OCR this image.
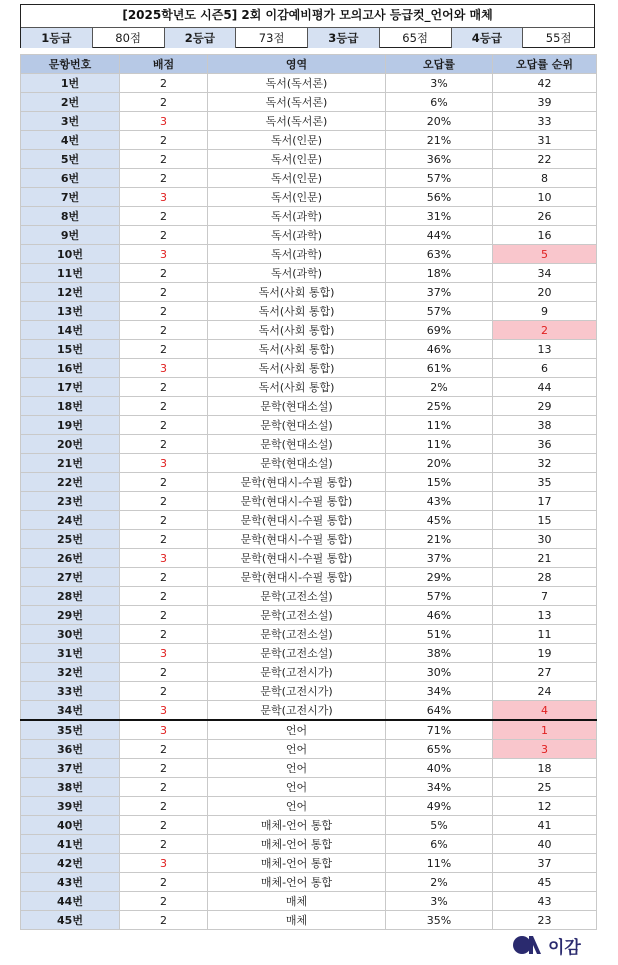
[2025학년도 시즌5] 2회 이감예비평가 모의고사 등급컷_언어와 매체
1등급	80점	2등급	73점	3등급	65점	4등급	55점
문항번호	배점	영역	오답률	오답률 순위
1번	2	독서(독서론)	3%	42
2번	2	독서(독서론)	6%	39
3번	3	독서(독서론)	20%	33
4번	2	독서(인문)	21%	31
5번	2	독서(인문)	36%	22
6번	2	독서(인문)	57%	8
7번	3	독서(인문)	56%	10
8번	2	독서(과학)	31%	26
9번	2	독서(과학)	44%	16
10번	3	독서(과학)	63%	5
11번	2	독서(과학)	18%	34
12번	2	독서(사회 통합)	37%	20
13번	2	독서(사회 통합)	57%	9
14번	2	독서(사회 통합)	69%	2
15번	2	독서(사회 통합)	46%	13
16번	3	독서(사회 통합)	61%	6
17번	2	독서(사회 통합)	2%	44
18번	2	문학(현대소설)	25%	29
19번	2	문학(현대소설)	11%	38
20번	2	문학(현대소설)	11%	36
21번	3	문학(현대소설)	20%	32
22번	2	문학(현대시-수필 통합)	15%	35
23번	2	문학(현대시-수필 통합)	43%	17
24번	2	문학(현대시-수필 통합)	45%	15
25번	2	문학(현대시-수필 통합)	21%	30
26번	3	문학(현대시-수필 통합)	37%	21
27번	2	문학(현대시-수필 통합)	29%	28
28번	2	문학(고전소설)	57%	7
29번	2	문학(고전소설)	46%	13
30번	2	문학(고전소설)	51%	11
31번	3	문학(고전소설)	38%	19
32번	2	문학(고전시가)	30%	27
33번	2	문학(고전시가)	34%	24
34번	3	문학(고전시가)	64%	4
35번	3	언어	71%	1
36번	2	언어	65%	3
37번	2	언어	40%	18
38번	2	언어	34%	25
39번	2	언어	49%	12
40번	2	매체-언어 통합	5%	41
41번	2	매체-언어 통합	6%	40
42번	3	매체-언어 통합	11%	37
43번	2	매체-언어 통합	2%	45
44번	2	매체	3%	43
45번	2	매체	35%	23
이감
